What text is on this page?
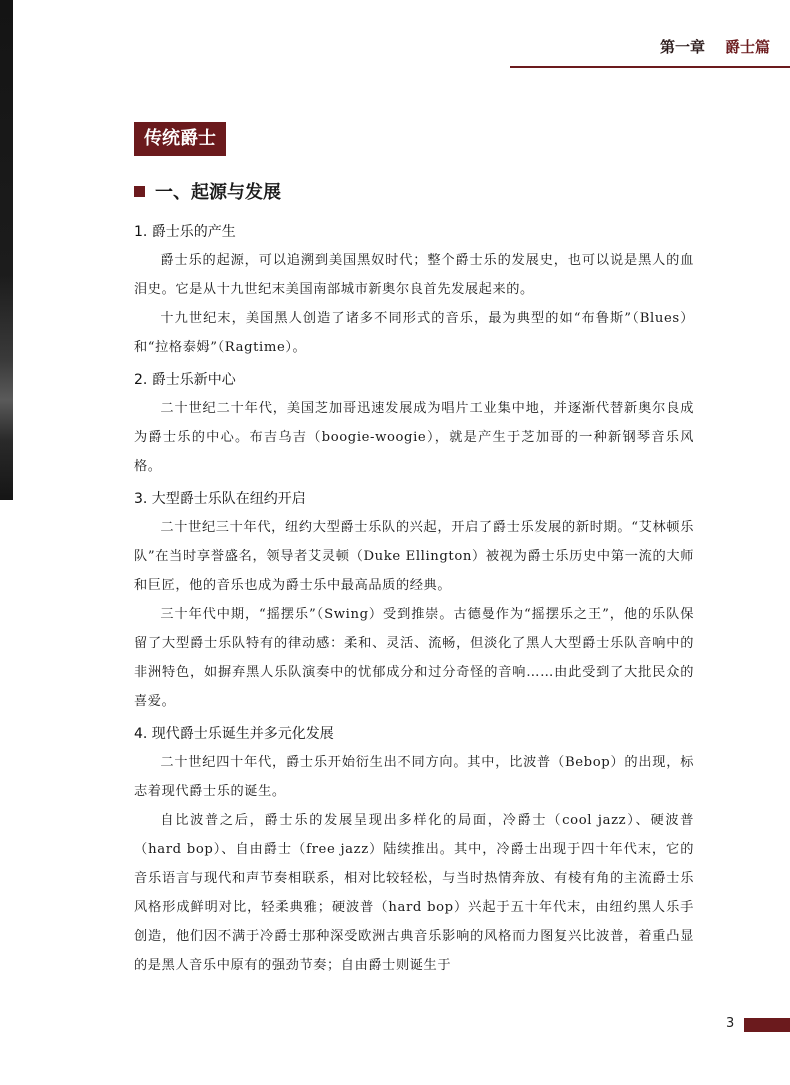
第一章 爵士篇
传统爵士
一、起源与发展
1. 爵士乐的产生

爵士乐的起源，可以追溯到美国黑奴时代；整个爵士乐的发展史，也可以说是黑人的血泪史。它是从十九世纪末美国南部城市新奥尔良首先发展起来的。

十九世纪末，美国黑人创造了诸多不同形式的音乐，最为典型的如“布鲁斯”（Blues）和“拉格泰姆”（Ragtime）。

2. 爵士乐新中心

二十世纪二十年代，美国芝加哥迅速发展成为唱片工业集中地，并逐渐代替新奥尔良成为爵士乐的中心。布吉乌吉（boogie-woogie），就是产生于芝加哥的一种新钢琴音乐风格。

3. 大型爵士乐队在纽约开启

二十世纪三十年代，纽约大型爵士乐队的兴起，开启了爵士乐发展的新时期。“艾林顿乐队”在当时享誉盛名，领导者艾灵顿（Duke Ellington）被视为爵士乐历史中第一流的大师和巨匠，他的音乐也成为爵士乐中最高品质的经典。

三十年代中期，“摇摆乐”（Swing）受到推崇。古德曼作为“摇摆乐之王”，他的乐队保留了大型爵士乐队特有的律动感：柔和、灵活、流畅，但淡化了黑人大型爵士乐队音响中的非洲特色，如摒弃黑人乐队演奏中的忧郁成分和过分奇怪的音响……由此受到了大批民众的喜爱。

4. 现代爵士乐诞生并多元化发展

二十世纪四十年代，爵士乐开始衍生出不同方向。其中，比波普（Bebop）的出现，标志着现代爵士乐的诞生。

自比波普之后，爵士乐的发展呈现出多样化的局面，冷爵士（cool jazz）、硬波普（hard bop）、自由爵士（free jazz）陆续推出。其中，冷爵士出现于四十年代末，它的音乐语言与现代和声节奏相联系，相对比较轻松，与当时热情奔放、有棱有角的主流爵士乐风格形成鲜明对比，轻柔典雅；硬波普（hard bop）兴起于五十年代末，由纽约黑人乐手创造，他们因不满于冷爵士那种深受欧洲古典音乐影响的风格而力图复兴比波普，着重凸显的是黑人音乐中原有的强劲节奏；自由爵士则诞生于

3
